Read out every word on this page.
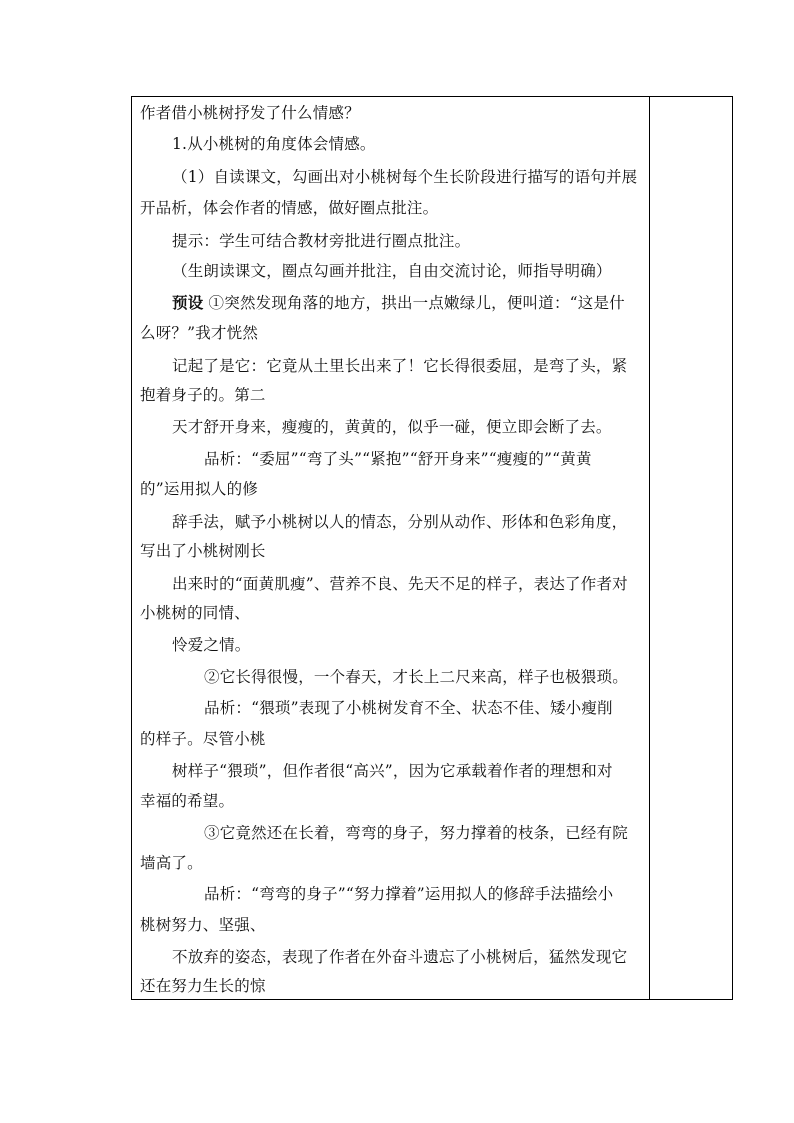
作者借小桃树抒发了什么情感？
1.从小桃树的角度体会情感。
（1）自读课文，勾画出对小桃树每个生长阶段进行描写的语句并展
开品析，体会作者的情感，做好圈点批注。
提示：学生可结合教材旁批进行圈点批注。
（生朗读课文，圈点勾画并批注，自由交流讨论，师指导明确）
预设 ①突然发现角落的地方，拱出一点嫩绿儿，便叫道：“这是什
么呀？”我才恍然
记起了是它：它竟从土里长出来了！它长得很委屈，是弯了头，紧
抱着身子的。第二
天才舒开身来，瘦瘦的，黄黄的，似乎一碰，便立即会断了去。
品析：“委屈”“弯了头”“紧抱”“舒开身来”“瘦瘦的”“黄黄
的”运用拟人的修
辞手法，赋予小桃树以人的情态，分别从动作、形体和色彩角度，
写出了小桃树刚长
出来时的“面黄肌瘦”、营养不良、先天不足的样子，表达了作者对
小桃树的同情、
怜爱之情。
②它长得很慢，一个春天，才长上二尺来高，样子也极猥琐。
品析：“猥琐”表现了小桃树发育不全、状态不佳、矮小瘦削
的样子。尽管小桃
树样子“猥琐”，但作者很“高兴”，因为它承载着作者的理想和对
幸福的希望。
③它竟然还在长着，弯弯的身子，努力撑着的枝条，已经有院
墙高了。
品析：“弯弯的身子”“努力撑着”运用拟人的修辞手法描绘小
桃树努力、坚强、
不放弃的姿态，表现了作者在外奋斗遗忘了小桃树后，猛然发现它
还在努力生长的惊
